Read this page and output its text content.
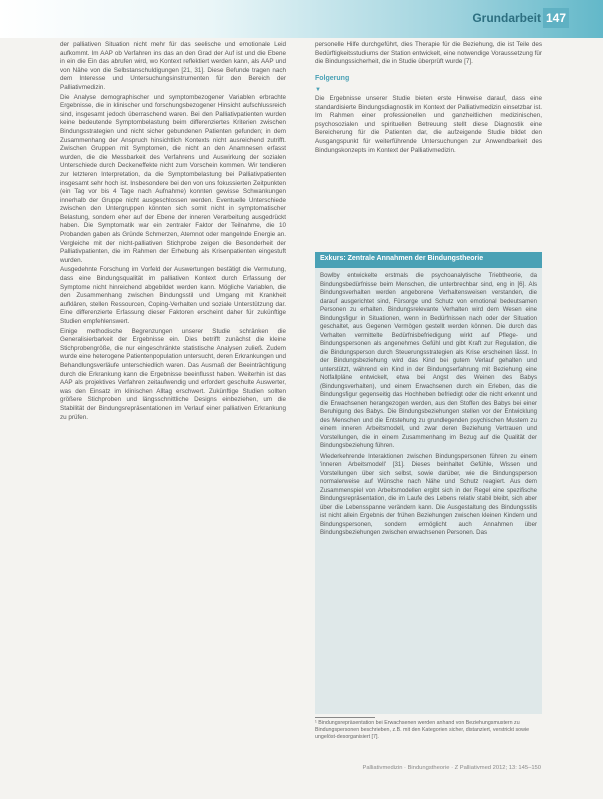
Grundarbeit 147

der palliativen Situation nicht mehr für das seelische und emotionale Leid aufkommt. Im AAP ob Verfahren ins das an den Grad der Auf ist und die Ebene in ein die Ein das abrufen wird, wo Kontext reflektiert werden kann, als AAP und von Nähe von die Selbstanschuldigungen [21, 31]. Diese Befunde tragen nach dem Interesse und Untersuchungsinstrumenten für den Bereich der Palliativmedizin.

Die Analyse demographischer und symptombezogener Variablen erbrachte Ergebnisse, die in klinischer und forschungsbezogener Hinsicht aufschlussreich sind, insgesamt jedoch überraschend waren. Bei den Palliativpatienten wurden keine bedeutende Symptombelastung beim differenziertes Kriterien zwischen Bindungsstrategien und nicht sicher gebundenen Patienten gefunden; in dem Zusammenhang der Anspruch hinsichtlich Kontexts nicht ausreichend zutrifft. Zwischen Gruppen mit Symptomen, die nicht an den Anamnesen erfasst wurden, die die Messbarkeit des Verfahrens und Auswirkung der sozialen Unterschiede durch Deckeneffekte nicht zum Vorschein kommen. Wir tendieren zur letzteren Interpretation, da die Symptombelastung bei Palliativpatienten insgesamt sehr hoch ist. Insbesondere bei den von uns fokussierten Zeitpunkten (ein Tag vor bis 4 Tage nach Aufnahme) konnten gewisse Schwankungen innerhalb der Gruppe nicht ausgeschlossen werden. Eventuelle Unterschiede zwischen den Untergruppen könnten sich somit nicht in symptomatischer Belastung, sondern eher auf der Ebene der inneren Verarbeitung ausgedrückt haben. Die Symptomatik war ein zentraler Faktor der Teilnahme, die 10 Probanden gaben als Gründe Schmerzen, Atemnot oder mangelnde Energie an. Vergleiche mit der nicht-palliativen Stichprobe zeigen die Besonderheit der Palliativpatienten, die im Rahmen der Erhebung als Krisenpatienten eingestuft wurden.

Ausgedehnte Forschung im Vorfeld der Auswertungen bestätigt die Vermutung, dass eine Bindungsqualität im palliativen Kontext durch Erfassung der Symptome nicht hinreichend abgebildet werden kann. Mögliche Variablen, die den Zusammenhang zwischen Bindungsstil und Umgang mit Krankheit aufklären, stellen Ressourcen, Coping-Verhalten und soziale Unterstützung dar. Eine differenzierte Erfassung dieser Faktoren erscheint daher für zukünftige Studien empfehlenswert.

Einige methodische Begrenzungen unserer Studie schränken die Generalisierbarkeit der Ergebnisse ein. Dies betrifft zunächst die kleine Stichprobengröße, die nur eingeschränkte statistische Analysen zuließ. Zudem wurde eine heterogene Patientenpopulation untersucht, deren Erkrankungen und Behandlungsverläufe unterschiedlich waren. Das Ausmaß der Beeinträchtigung durch die Erkrankung kann die Ergebnisse beeinflusst haben. Weiterhin ist das AAP als projektives Verfahren zeitaufwendig und erfordert geschulte Auswerter, was den Einsatz im klinischen Alltag erschwert. Zukünftige Studien sollten größere Stichproben und längsschnittliche Designs einbeziehen, um die Stabilität der Bindungsrepräsentationen im Verlauf einer palliativen Erkrankung zu prüfen.

personelle Hilfe durchgeführt, dies Therapie für die Beziehung, die ist Teile des Bedürftigkeitsstudiums der Station entwickelt, eine notwendige Voraussetzung für die Bindungssicherheit, die in Studie überprüft wurde [7].

Folgerung
▼

Die Ergebnisse unserer Studie bieten erste Hinweise darauf, dass eine standardisierte Bindungsdiagnostik im Kontext der Palliativmedizin einsetzbar ist. Im Rahmen einer professionellen und ganzheitlichen medizinischen, psychosozialen und spirituellen Betreuung stellt diese Diagnostik eine Bereicherung für die Patienten dar, die aufzeigende Studie bildet den Ausgangspunkt für weiterführende Untersuchungen zur Anwendbarkeit des Bindungskonzepts im Kontext der Palliativmedizin.

Exkurs: Zentrale Annahmen der Bindungstheorie

Bowlby entwickelte erstmals die psychoanalytische Triebtheorie, da Bindungsbedürfnisse beim Menschen, die unterbrechbar sind, eng in [6]. Als Bindungsverhalten werden angeborene Verhaltensweisen verstanden, die darauf ausgerichtet sind, Fürsorge und Schutz von emotional bedeutsamen Personen zu erhalten. Bindungsrelevante Verhalten wird dem Wesen eine Bindungsfigur in Situationen, wenn in Bedürfnissen nach oder der Situation geschaltet, aus Gegenen Vermögen gestellt werden können. Die durch das Verhalten vermittelte Bedürfnisbefriedigung wirkt auf Pflege- und Bindungspersonen als angenehmes Gefühl und gibt Kraft zur Regulation, die die Bindungsperson durch Steuerungsstrategien als Krise erscheinen lässt. In der Bindungsbeziehung wird das Kind bei gutem Verlauf gehalten und unterstützt, während ein Kind in der Bindungserfahrung mit Beziehung eine Notfallpläne entwickelt, etwa bei Angst des Weinen des Babys (Bindungsverhalten), und einem Erwachsenen durch ein Erleben, das die Bindungsfigur gegenseitig das Hochheben befriedigt oder die nicht erkennt und die Erwachsenen herangezogen werden, aus den Stoffen des Babys bei einer Beruhigung des Babys. Die Bindungsbeziehungen stellen vor der Entwicklung des Menschen und die Entstehung zu grundlegenden psychischen Mustern zu einem inneren Arbeitsmodell, und zwar deren Beziehung Vertrauen und Vorstellungen, die in einem Zusammenhang im Bezug auf die Qualität der Bindungsbeziehung führen.

Wiederkehrende Interaktionen zwischen Bindungspersonen führen zu einem 'inneren Arbeitsmodell' [31]. Dieses beinhaltet Gefühle, Wissen und Vorstellungen über sich selbst, sowie darüber, wie die Bindungsperson normalerweise auf Wünsche nach Nähe und Schutz reagiert. Aus dem Zusammenspiel von Arbeitsmodellen ergibt sich in der Regel eine spezifische Bindungsrepräsentation, die im Laufe des Lebens relativ stabil bleibt, sich aber über die Lebensspanne verändern kann. Die Ausgestaltung des Bindungsstils ist nicht allein Ergebnis der frühen Beziehungen zwischen kleinen Kindern und Bindungspersonen, sondern ermöglicht auch Annahmen über Bindungsbeziehungen zwischen erwachsenen Personen. Das

¹ Bindungsrepräsentation bei Erwachsenen werden anhand von Beziehungsmustern zu Bindungspersonen beschrieben, z.B. mit den Kategorien sicher, distanziert, verstrickt sowie ungelöst-desorganisiert [7].
Palliativmedizin · Bindungstheorie · Z Palliativmed 2012; 13: 145–150
